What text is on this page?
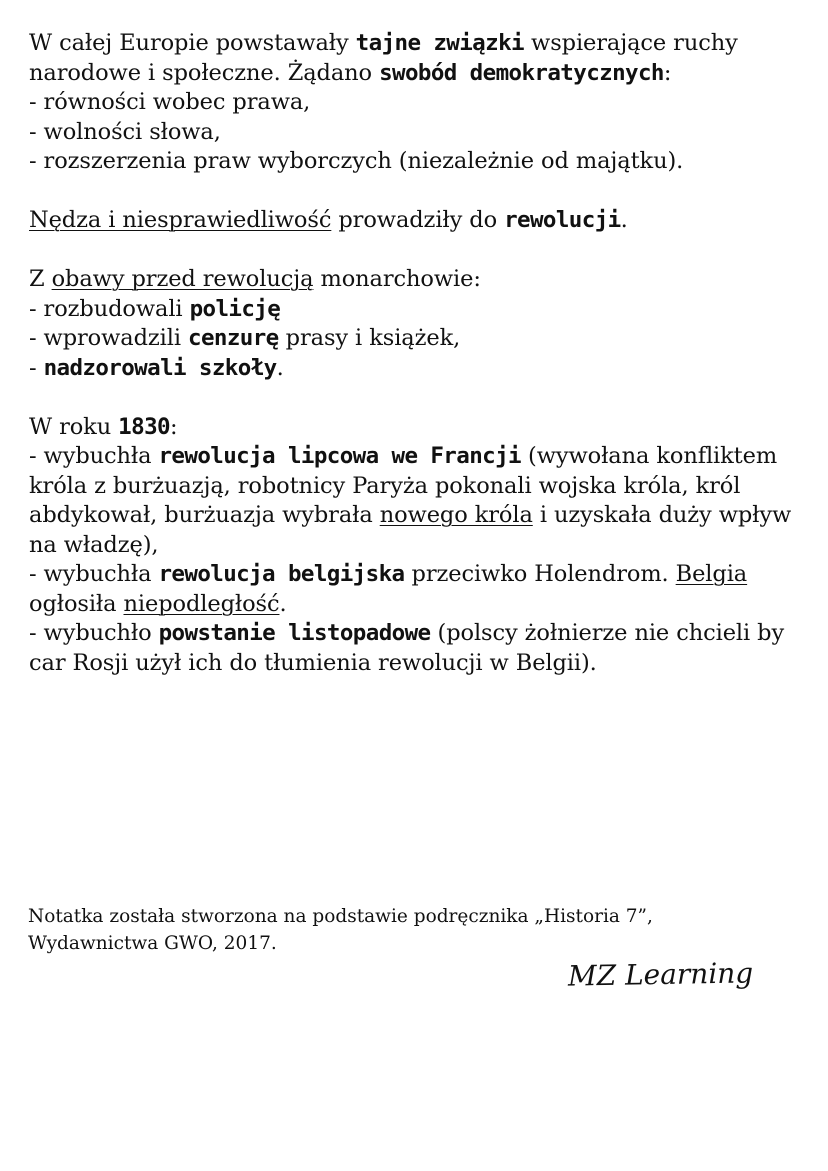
W całej Europie powstawały tajne związki wspierające ruchy narodowe i społeczne. Żądano swobód demokratycznych:

- równości wobec prawa,

- wolności słowa,

- rozszerzenia praw wyborczych (niezależnie od majątku).

Nędza i niesprawiedliwość prowadziły do rewolucji.

Z obawy przed rewolucją monarchowie:

- rozbudowali policję

- wprowadzili cenzurę prasy i książek,

- nadzorowali szkoły.

W roku 1830:

- wybuchła rewolucja lipcowa we Francji (wywołana konfliktem króla z burżuazją, robotnicy Paryża pokonali wojska króla, król abdykował, burżuazja wybrała nowego króla i uzyskała duży wpływ na władzę),

- wybuchła rewolucja belgijska przeciwko Holendrom. Belgia ogłosiła niepodległość.

- wybuchło powstanie listopadowe (polscy żołnierze nie chcieli by car Rosji użył ich do tłumienia rewolucji w Belgii).

Notatka została stworzona na podstawie podręcznika „Historia 7”,

Wydawnictwa GWO, 2017.

MZ Learning
